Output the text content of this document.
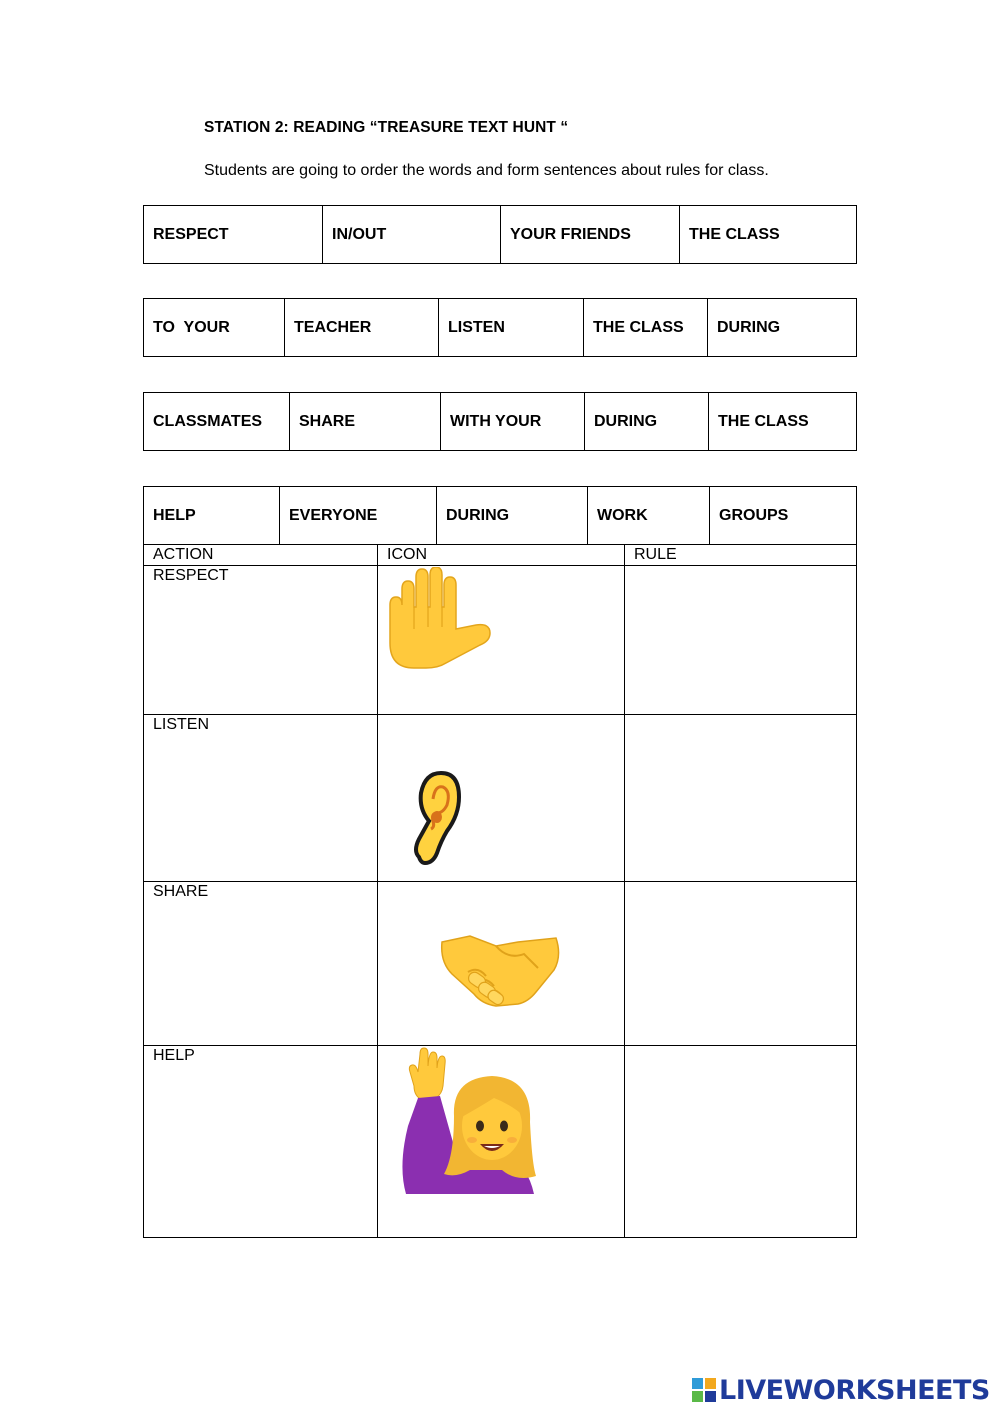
STATION 2: READING “TREASURE TEXT HUNT “
Students are going to order the words and form sentences about rules for class.
RESPECT	IN/OUT	YOUR FRIENDS	THE CLASS
TO  YOUR	TEACHER	LISTEN	THE CLASS	DURING
CLASSMATES	SHARE	WITH YOUR	DURING	THE CLASS
HELP	EVERYONE	DURING	WORK	GROUPS
ACTION	ICON	RULE
RESPECT
LISTEN
SHARE
HELP
LIVEWORKSHEETS
